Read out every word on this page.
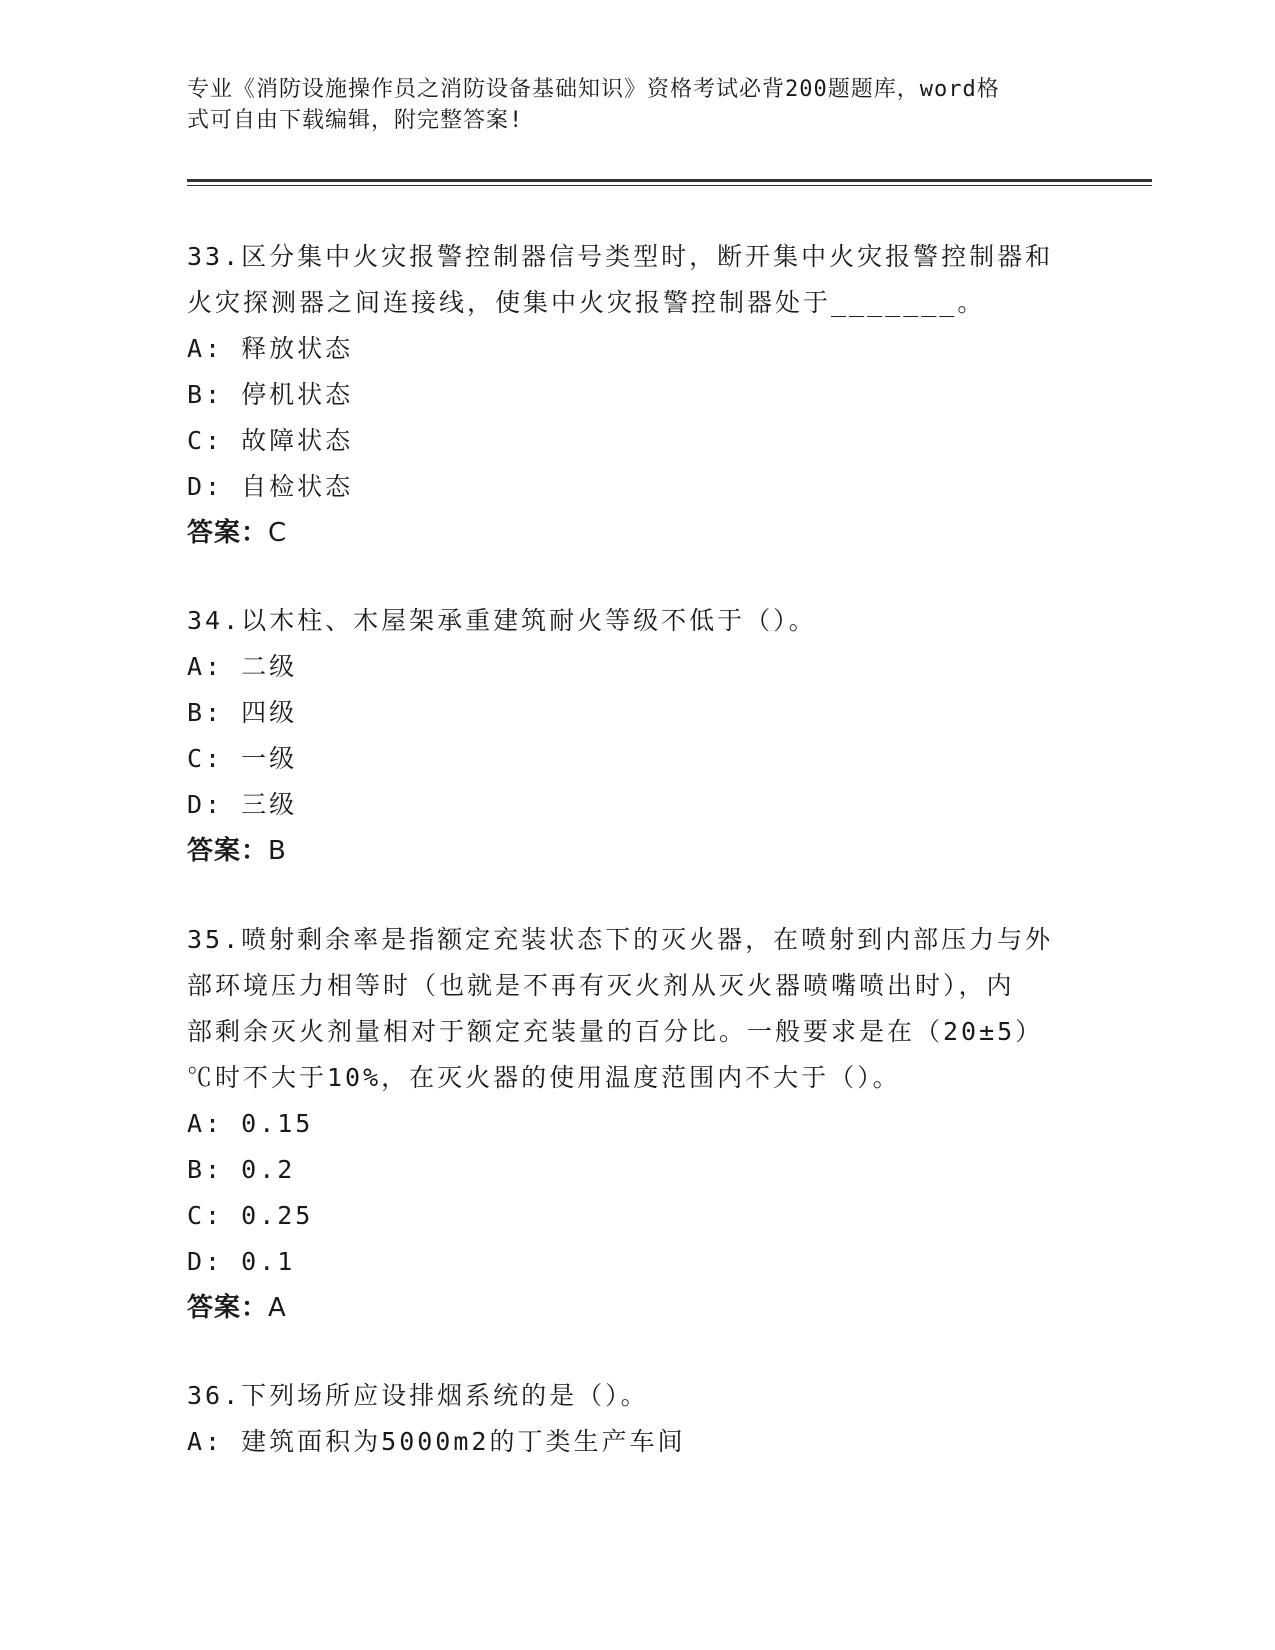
专业《消防设施操作员之消防设备基础知识》资格考试必背200题题库，word格
式可自由下载编辑，附完整答案!

33.区分集中火灾报警控制器信号类型时，断开集中火灾报警控制器和

火灾探测器之间连接线，使集中火灾报警控制器处于_______。

A: 释放状态

B: 停机状态

C: 故障状态

D: 自检状态

答案：C

34.以木柱、木屋架承重建筑耐火等级不低于（）。

A: 二级

B: 四级

C: 一级

D: 三级

答案：B

35.喷射剩余率是指额定充装状态下的灭火器，在喷射到内部压力与外

部环境压力相等时（也就是不再有灭火剂从灭火器喷嘴喷出时），内

部剩余灭火剂量相对于额定充装量的百分比。一般要求是在（20±5）

℃时不大于10%，在灭火器的使用温度范围内不大于（）。

A: 0.15

B: 0.2

C: 0.25

D: 0.1

答案：A

36.下列场所应设排烟系统的是（）。

A: 建筑面积为5000m2的丁类生产车间
